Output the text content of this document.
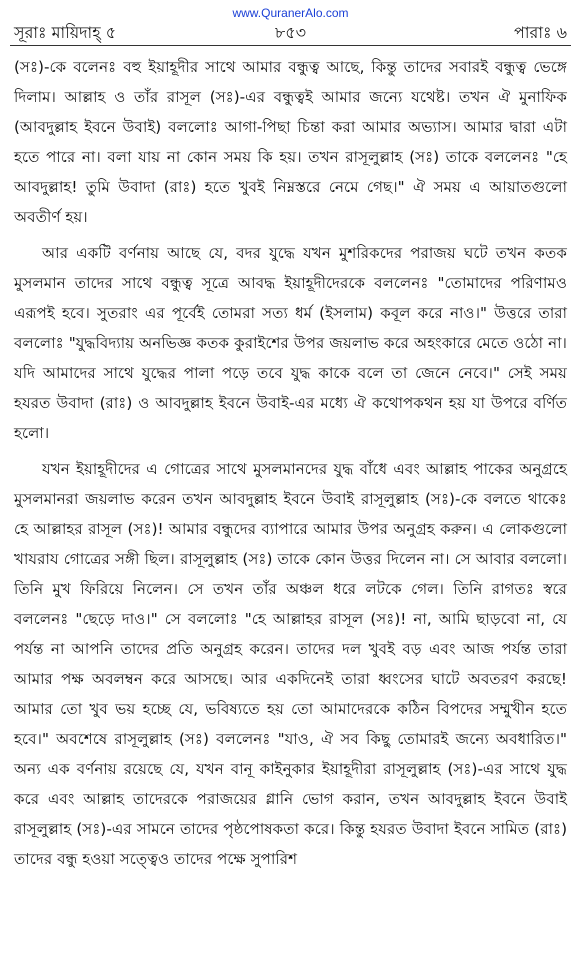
www.QuranerAlo.com
সূরাঃ মায়িদাহ্ ৫	৮৫৩	পারাঃ ৬

(সঃ)-কে বলেনঃ বহু ইয়াহূদীর সাথে আমার বন্ধুত্ব আছে, কিন্তু তাদের সবারই বন্ধুত্ব ভেঙ্গে দিলাম। আল্লাহ ও তাঁর রাসূল (সঃ)-এর বন্ধুত্বই আমার জন্যে যথেষ্ট। তখন ঐ মুনাফিক (আবদুল্লাহ ইবনে উবাই) বললোঃ আগা-পিছা চিন্তা করা আমার অভ্যাস। আমার দ্বারা এটা হতে পারে না। বলা যায় না কোন সময় কি হয়। তখন রাসূলুল্লাহ (সঃ) তাকে বললেনঃ "হে আবদুল্লাহ! তুমি উবাদা (রাঃ) হতে খুবই নিম্নস্তরে নেমে গেছ।" ঐ সময় এ আয়াতগুলো অবতীর্ণ হয়।

আর একটি বর্ণনায় আছে যে, বদর যুদ্ধে যখন মুশরিকদের পরাজয় ঘটে তখন কতক মুসলমান তাদের সাথে বন্ধুত্ব সূত্রে আবদ্ধ ইয়াহূদীদেরকে বললেনঃ "তোমাদের পরিণামও এরূপই হবে। সুতরাং এর পূর্বেই তোমরা সত্য ধর্ম (ইসলাম) কবূল করে নাও।" উত্তরে তারা বললোঃ "যুদ্ধবিদ্যায় অনভিজ্ঞ কতক কুরাইশের উপর জয়লাভ করে অহংকারে মেতে ওঠো না। যদি আমাদের সাথে যুদ্ধের পালা পড়ে তবে যুদ্ধ কাকে বলে তা জেনে নেবে।" সেই সময় হযরত উবাদা (রাঃ) ও আবদুল্লাহ ইবনে উবাই-এর মধ্যে ঐ কথোপকথন হয় যা উপরে বর্ণিত হলো।

যখন ইয়াহূদীদের এ গোত্রের সাথে মুসলমানদের যুদ্ধ বাঁধে এবং আল্লাহ পাকের অনুগ্রহে মুসলমানরা জয়লাভ করেন তখন আবদুল্লাহ ইবনে উবাই রাসূলুল্লাহ (সঃ)-কে বলতে থাকেঃ হে আল্লাহর রাসূল (সঃ)! আমার বন্ধুদের ব্যাপারে আমার উপর অনুগ্রহ করুন। এ লোকগুলো খাযরায গোত্রের সঙ্গী ছিল। রাসূলুল্লাহ (সঃ) তাকে কোন উত্তর দিলেন না। সে আবার বললো। তিনি মুখ ফিরিয়ে নিলেন। সে তখন তাঁর অঞ্চল ধরে লটকে গেল। তিনি রাগতঃ স্বরে বললেনঃ "ছেড়ে দাও।" সে বললোঃ "হে আল্লাহর রাসূল (সঃ)! না, আমি ছাড়বো না, যে পর্যন্ত না আপনি তাদের প্রতি অনুগ্রহ করেন। তাদের দল খুবই বড় এবং আজ পর্যন্ত তারা আমার পক্ষ অবলম্বন করে আসছে। আর একদিনেই তারা ধ্বংসের ঘাটে অবতরণ করছে! আমার তো খুব ভয় হচ্ছে যে, ভবিষ্যতে হয় তো আমাদেরকে কঠিন বিপদের সম্মুখীন হতে হবে।" অবশেষে রাসূলুল্লাহ (সঃ) বললেনঃ "যাও, ঐ সব কিছু তোমারই জন্যে অবধারিত।" অন্য এক বর্ণনায় রয়েছে যে, যখন বানূ কাইনুকার ইয়াহূদীরা রাসূলুল্লাহ (সঃ)-এর সাথে যুদ্ধ করে এবং আল্লাহ তাদেরকে পরাজয়ের গ্লানি ভোগ করান, তখন আবদুল্লাহ ইবনে উবাই রাসূলুল্লাহ (সঃ)-এর সামনে তাদের পৃষ্ঠপোষকতা করে। কিন্তু হযরত উবাদা ইবনে সামিত (রাঃ) তাদের বন্ধু হওয়া সত্ত্বেও তাদের পক্ষে সুপারিশ
